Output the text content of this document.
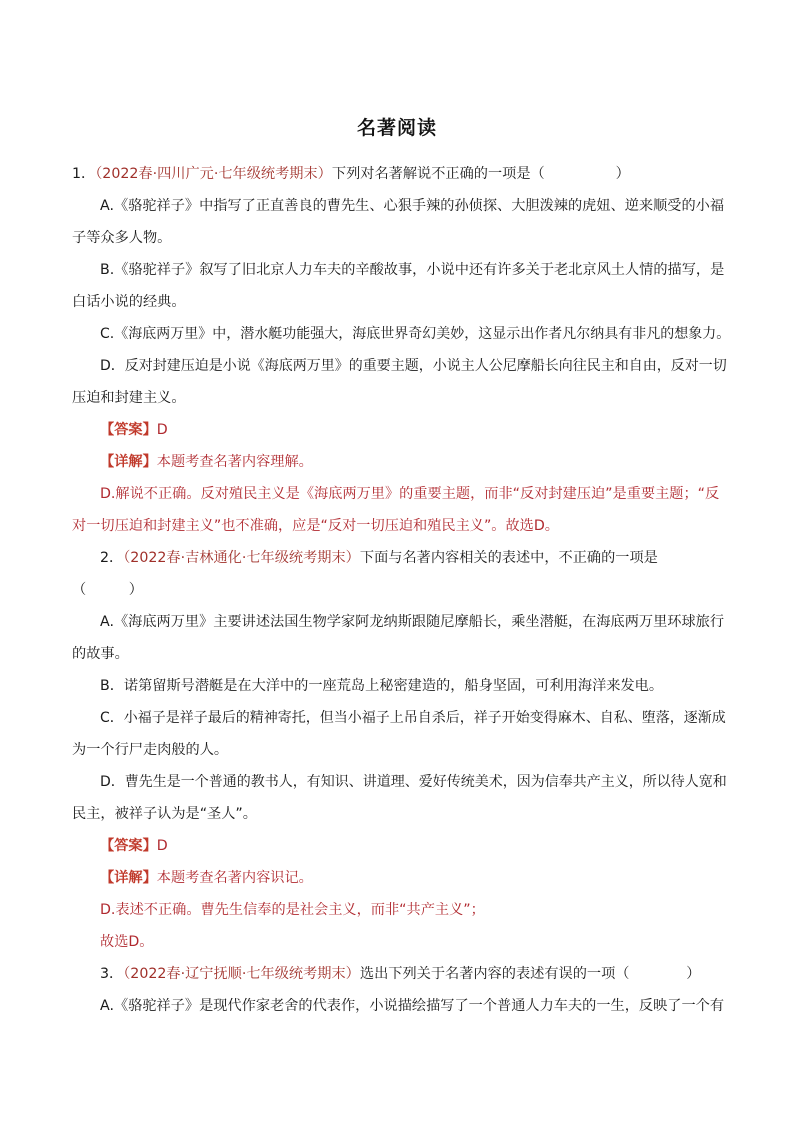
名著阅读
1．（2022春·四川广元·七年级统考期末）下列对名著解说不正确的一项是（　　　　　）
A.《骆驼祥子》中指写了正直善良的曹先生、心狠手辣的孙侦探、大胆泼辣的虎妞、逆来顺受的小福
子等众多人物。
B.《骆驼祥子》叙写了旧北京人力车夫的辛酸故事，小说中还有许多关于老北京风土人情的描写，是
白话小说的经典。
C.《海底两万里》中，潜水艇功能强大，海底世界奇幻美妙，这显示出作者凡尔纳具有非凡的想象力。
D．反对封建压迫是小说《海底两万里》的重要主题，小说主人公尼摩船长向往民主和自由，反对一切
压迫和封建主义。
【答案】D
【详解】本题考查名著内容理解。
D.解说不正确。反对殖民主义是《海底两万里》的重要主题，而非“反对封建压迫”是重要主题；“反
对一切压迫和封建主义”也不准确，应是“反对一切压迫和殖民主义”。故选D。
2．（2022春·吉林通化·七年级统考期末）下面与名著内容相关的表述中，不正确的一项是
（　　　）
A.《海底两万里》主要讲述法国生物学家阿龙纳斯跟随尼摩船长，乘坐潜艇，在海底两万里环球旅行
的故事。
B．诺第留斯号潜艇是在大洋中的一座荒岛上秘密建造的，船身坚固，可利用海洋来发电。
C．小福子是祥子最后的精神寄托，但当小福子上吊自杀后，祥子开始变得麻木、自私、堕落，逐渐成
为一个行尸走肉般的人。
D．曹先生是一个普通的教书人，有知识、讲道理、爱好传统美术，因为信奉共产主义，所以待人宽和
民主，被祥子认为是“圣人”。
【答案】D
【详解】本题考查名著内容识记。
D.表述不正确。曹先生信奉的是社会主义，而非“共产主义”；
故选D。
3．（2022春·辽宁抚顺·七年级统考期末）选出下列关于名著内容的表述有误的一项（　　　　）
A.《骆驼祥子》是现代作家老舍的代表作，小说描绘描写了一个普通人力车夫的一生，反映了一个有
